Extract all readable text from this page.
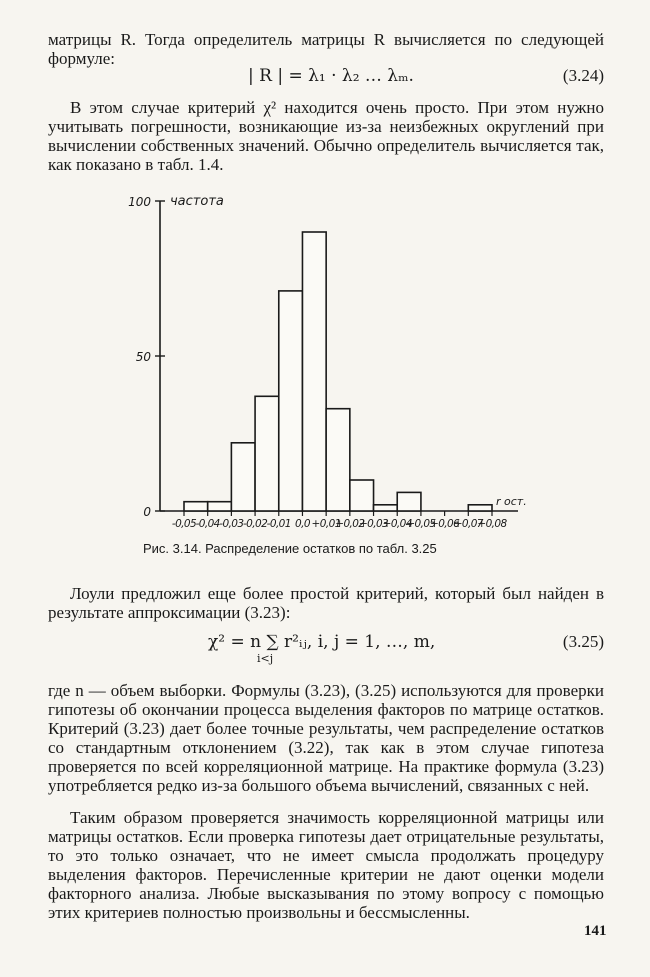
матрицы R. Тогда определитель матрицы R вычисляется по следующей формуле:

| R | = λ₁ · λ₂ … λₘ.	(3.24)

В этом случае критерий χ² находится очень просто. При этом нужно учитывать погрешности, возникающие из-за неизбежных округлений при вычислении собственных значений. Обычно определитель вычисляется так, как показано в табл. 1.4.

0
50
100 частота
r ост.
-0,05 -0,04 -0,03 -0,02 -0,01 0,0 +0,01
+0,02
+0,03
+0,04
+0,05
+0,06
+0,07
+0,08
Рис. 3.14. Распределение остатков по табл. 3.25

Лоули предложил еще более простой критерий, который был найден в результате аппроксимации (3.23):

χ² = n ∑ r²ᵢⱼ, i, j = 1, …, m,
i<j
(3.25)

где n — объем выборки. Формулы (3.23), (3.25) используются для проверки гипотезы об окончании процесса выделения факторов по матрице остатков. Критерий (3.23) дает более точные результаты, чем распределение остатков со стандартным отклонением (3.22), так как в этом случае гипотеза проверяется по всей корреляционной матрице. На практике формула (3.23) употребляется редко из-за большого объема вычислений, связанных с ней.

Таким образом проверяется значимость корреляционной матрицы или матрицы остатков. Если проверка гипотезы дает отрицательные результаты, то это только означает, что не имеет смысла продолжать процедуру выделения факторов. Перечисленные критерии не дают оценки модели факторного анализа. Любые высказывания по этому вопросу с помощью этих критериев полностью произвольны и бессмысленны.

141
